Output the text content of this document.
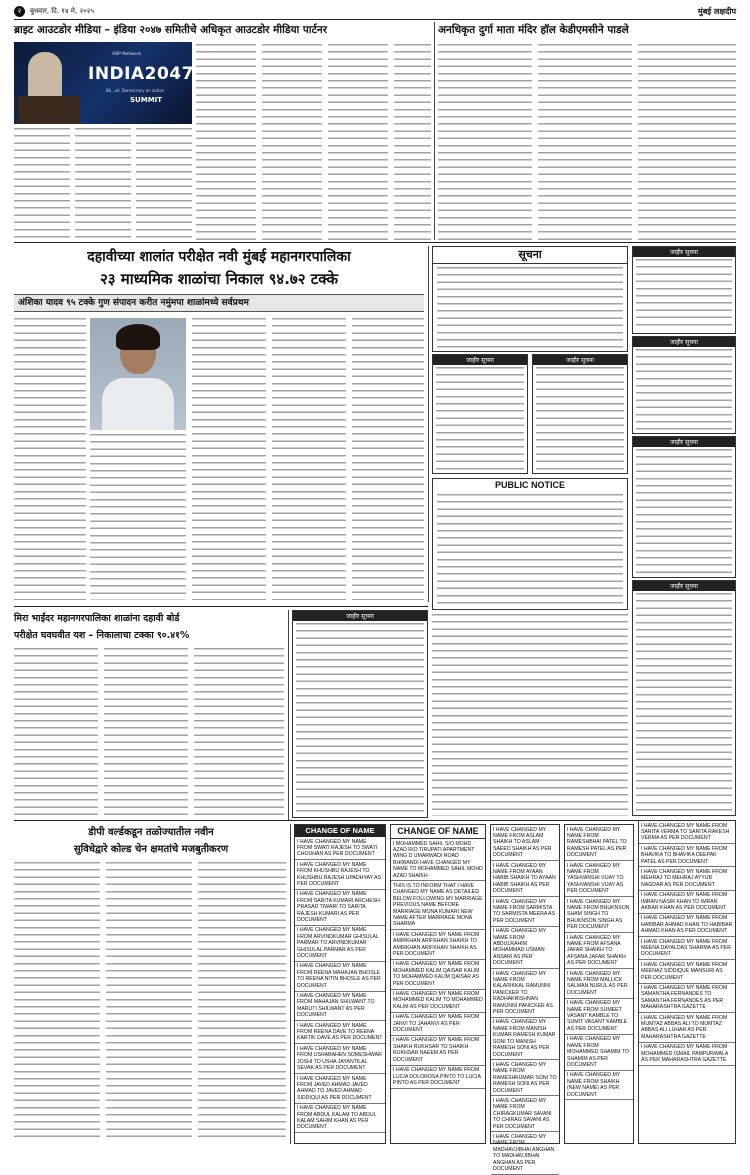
२	बुधवार, दि. १४ मे, २०२५	मुंबई लक्षदीप
ब्राइट आउटडोर मीडिया – इंडिया २०४७ समितीचे अधिकृत आउटडोर मीडिया पार्टनर
ABP Network
INDIA2047
Bh...at: Democracy on action
SUMMIT
अनधिकृत दुर्गा माता मंदिर हॉल केडीएमसीने पाडले
दहावीच्या शालांत परीक्षेत नवी मुंबई महानगरपालिका
२३ माध्यमिक शाळांचा निकाल ९४.७२ टक्के
अंशिका यादव ९५ टक्के गुण संपादन करीत नमुंमपा शाळांमध्ये सर्वप्रथम
सूचना
जाहीर सूचना	जाहीर सूचना
PUBLIC NOTICE
जाहीर सूचना
जाहीर सूचना
जाहीर सूचना
जाहीर सूचना
मिरा भाईंदर महानगरपालिका शाळांना दहावी बोर्ड
परीक्षेत घवघवीत यश – निकालाचा टक्का ९०.४१%
जाहीर सूचना
डीपी वर्ल्डकडून तळोज्यातील नवीन
सुविधेद्वारे कोल्ड चेन क्षमतांचे मजबुतीकरण
CHANGE OF NAME
I HAVE CHANGED MY NAME FROM SWATI RAJESH TO SWATI CHOUHAN AS PER DOCUMENT
I HAVE CHANGED MY NAME FROM KHUSHBU RAJESH TO KHUSHBU RAJESH UPADHYAY AS PER DOCUMENT
I HAVE CHANGED MY NAME FROM SARITA KUMARI ARCHESH PRASAD TIWARI TO SARITA RAJESH KUMARI AS PER DOCUMENT
I HAVE CHANGED MY NAME FROM ARVINDKUMAR GHISULAL PARMAR TO ARVINDKUMAR GHISULAL PARMAR AS PER DOCUMENT
I HAVE CHANGED MY NAME FROM REENA MAHAJAN BHOSLE TO REENA NITIN BHOSLE AS PER DOCUMENT
I HAVE CHANGED MY NAME FROM MAHAJAN SHILWANT TO MARUTI SHILWANT AS PER DOCUMENT
I HAVE CHANGED MY NAME FROM REENA DAVE TO REENA KARTIK DAVE AS PER DOCUMENT
I HAVE CHANGED MY NAME FROM USHABAHEN SOMESHWAR JOSHI TO USHA JAYANTILAL SEVAK AS PER DOCUMENT
I HAVE CHANGED MY NAME FROM JAVED AHMAD JAVED AHMAD TO JAVED AHMAD SIDDIQUI AS PER DOCUMENT
I HAVE CHANGED MY NAME FROM ABDUL KALAM TO ABDUL KALAM SAHIM KHAN AS PER DOCUMENT
CHANGE OF NAME
I MOHAMMED SAHIL S/O MOHD AZAD R/O TIRUPATI APARTMENT WING D UMARWADI ROAD BHIWANDI HAVE CHANGED MY NAME TO MOHAMMED SAHIL MOHD AZAD SHAIKH
THIS IS TO INFORM THAT I HAVE CHANGED MY NAME AS DETAILED BELOW FOLLOWING MY MARRIAGE PREVIOUS NAME BEFORE MARRIAGE MONA KUMARI NEW NAME AFTER MARRIAGE MONA SHARMA
I HAVE CHANGED MY NAME FROM AMIRKHAN ARIFKHAN SHAIKH TO AMIRKHAN ARIFKHAN SHAIKH AS PER DOCUMENT
I HAVE CHANGED MY NAME FROM MOHAMMED KALIM QAISAR KALIM TO MOHAMMED KALIM QAISAR AS PER DOCUMENT
I HAVE CHANGED MY NAME FROM MOHAMMED KALIM TO MOHAMMED KALIM AS PER DOCUMENT
I HAVE CHANGED MY NAME FROM JANVI TO JAHANVI AS PER DOCUMENT
I HAVE CHANGED MY NAME FROM SHAIKH RUKHSAR TO SHAIKH RUKHSAR NAEEM AS PER DOCUMENT
I HAVE CHANGED MY NAME FROM LUCIA DOLOROSA PINTO TO LUCIA PINTO AS PER DOCUMENT
I HAVE CHANGED MY NAME FROM ASLAM SHAIKH TO ASLAM SAEED SHAIKH AS PER DOCUMENT
I HAVE CHANGED MY NAME FROM AYAAN HABIB SHAIKH TO AYAAN HABIB SHAIKH AS PER DOCUMENT
I HAVE CHANGED MY NAME FROM SARMISTA TO SARMISTA MEERA AS PER DOCUMENT
I HAVE CHANGED MY NAME FROM ABDULRAHIM MOHAMMAD USMAN ANSARI AS PER DOCUMENT
I HAVE CHANGED MY NAME FROM KALARIKKAL RAMUNNI PANICKER TO RADHAKRISHNAN RAMUNNI PANICKER AS PER DOCUMENT
I HAVE CHANGED MY NAME FROM MANISH KUMAR RAMESH KUMAR SONI TO MANISH RAMESH SONI AS PER DOCUMENT
I HAVE CHANGED MY NAME FROM RAMESHKUMAR SONI TO RAMESH SONI AS PER DOCUMENT
I HAVE CHANGED MY NAME FROM CHIRAGKUMAR SAVANI TO CHIRAG SAVANI AS PER DOCUMENT
I HAVE CHANGED MY NAME FROM MADHAVJIBHAI ANGHAN TO MADHAVJIBHAI ANGHAN AS PER DOCUMENT
I HAVE CHANGED MY NAME FROM RAMESHBHAI PATEL TO RAMESH PATEL AS PER DOCUMENT
I HAVE CHANGED MY NAME FROM YASHVANSHI VIJAY TO YASHVANSHI VIJAY AS PER DOCUMENT
I HAVE CHANGED MY NAME FROM BHUKNSON SHAM SINGH TO BHUKNSON SINGH AS PER DOCUMENT
I HAVE CHANGED MY NAME FROM AFSANA JAFAR SHAIKH TO AFSANA JAFAR SHAIKH AS PER DOCUMENT
I HAVE CHANGED MY NAME FROM MALLICK SALMAN NURUL AS PER DOCUMENT
I HAVE CHANGED MY NAME FROM SUMEET VASANT KAMBLE TO SUMIT VASANT KAMBLE AS PER DOCUMENT
I HAVE CHANGED MY NAME FROM MOHAMMED SHAMIM TO SHAMIM AS PER DOCUMENT
I HAVE CHANGED MY NAME FROM SHAIKH (NEW NAME) AS PER DOCUMENT
I HAVE CHANGED MY NAME FROM SARITA VERMA TO SARITA RAKESH VERMA AS PER DOCUMENT
I HAVE CHANGED MY NAME FROM BHAVIKA TO BHAVIKA DEEPAK PATEL AS PER DOCUMENT
I HAVE CHANGED MY NAME FROM MEHRAJ TO MEHRAJ AYYUB NAGDAR AS PER DOCUMENT
I HAVE CHANGED MY NAME FROM IMRAN NASIR KHAN TO IMRAN AKBAR KHAN AS PER DOCUMENT
I HAVE CHANGED MY NAME FROM HABIBAR AHMAD KHAN TO HABIBAR AHMAD KHAN AS PER DOCUMENT
I HAVE CHANGED MY NAME FROM MEENA DAYALDAS SHARMA AS PER DOCUMENT
I HAVE CHANGED MY NAME FROM MEENAZ SIDDIQUE MANSURI AS PER DOCUMENT
I HAVE CHANGED MY NAME FROM SAMANTHA FERNANDES TO SAMANTHA FERNANDES AS PER MAHARASHTRA GAZETTE
I HAVE CHANGED MY NAME FROM MUMTAZ ABBAS ALI TO MUMTAZ ABBAS ALI LUHAR AS PER MAHARASHTRA GAZETTE
I HAVE CHANGED MY NAME FROM MOHAMMED ISMAIL PAMPURWALA AS PER MAHARASHTRA GAZETTE
